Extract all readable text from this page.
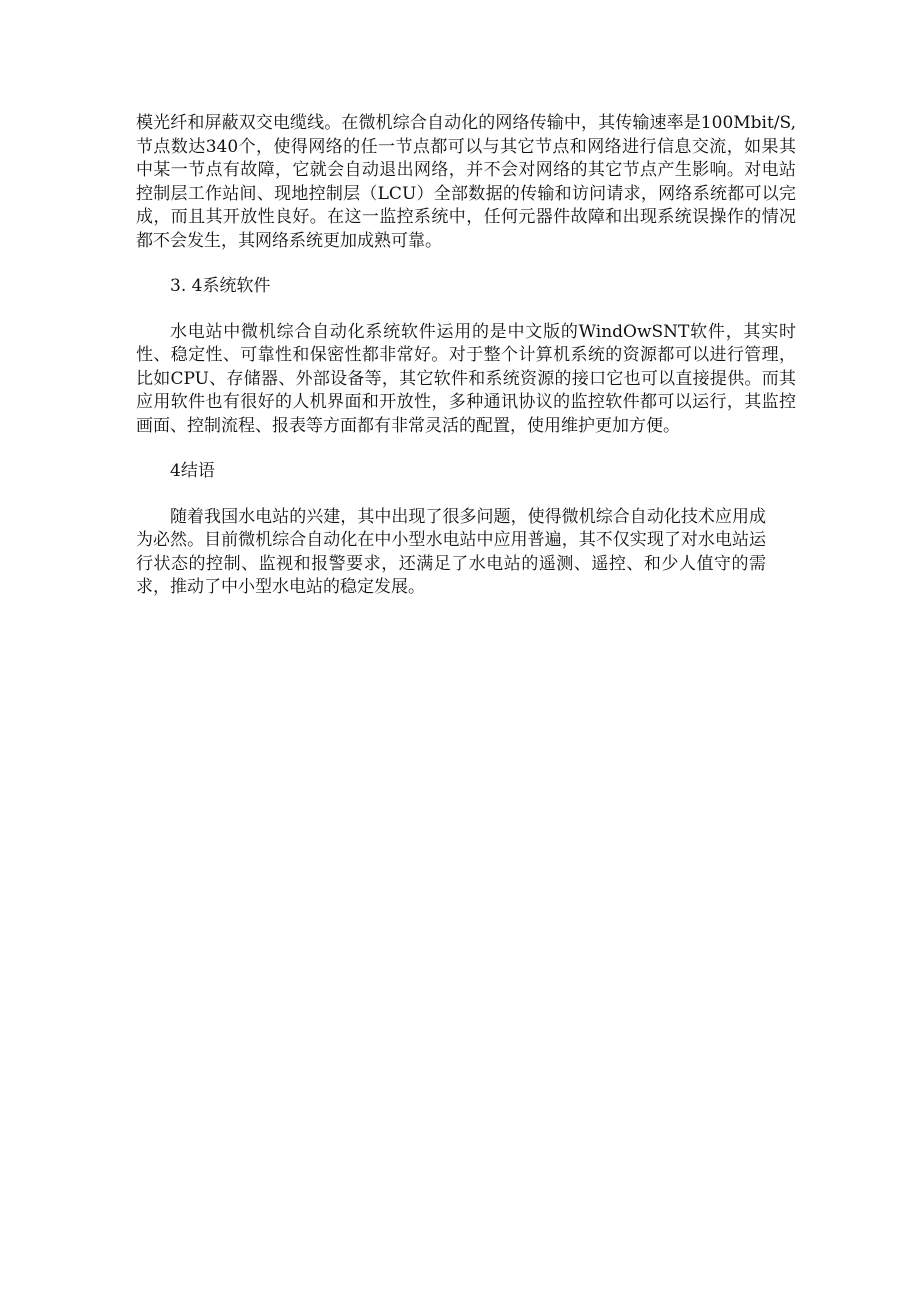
模光纤和屏蔽双交电缆线。在微机综合自动化的网络传输中，其传输速率是100Mbit/S,节点数达340个，使得网络的任一节点都可以与其它节点和网络进行信息交流，如果其中某一节点有故障，它就会自动退出网络，并不会对网络的其它节点产生影响。对电站控制层工作站间、现地控制层（LCU）全部数据的传输和访问请求，网络系统都可以完成，而且其开放性良好。在这一监控系统中，任何元器件故障和出现系统误操作的情况都不会发生，其网络系统更加成熟可靠。

3. 4系统软件

水电站中微机综合自动化系统软件运用的是中文版的WindOwSNT软件，其实时性、稳定性、可靠性和保密性都非常好。对于整个计算机系统的资源都可以进行管理，比如CPU、存储器、外部设备等，其它软件和系统资源的接口它也可以直接提供。而其应用软件也有很好的人机界面和开放性，多种通讯协议的监控软件都可以运行，其监控画面、控制流程、报表等方面都有非常灵活的配置，使用维护更加方便。

4结语

随着我国水电站的兴建，其中出现了很多问题，使得微机综合自动化技术应用成为必然。目前微机综合自动化在中小型水电站中应用普遍，其不仅实现了对水电站运行状态的控制、监视和报警要求，还满足了水电站的遥测、遥控、和少人值守的需求，推动了中小型水电站的稳定发展。
